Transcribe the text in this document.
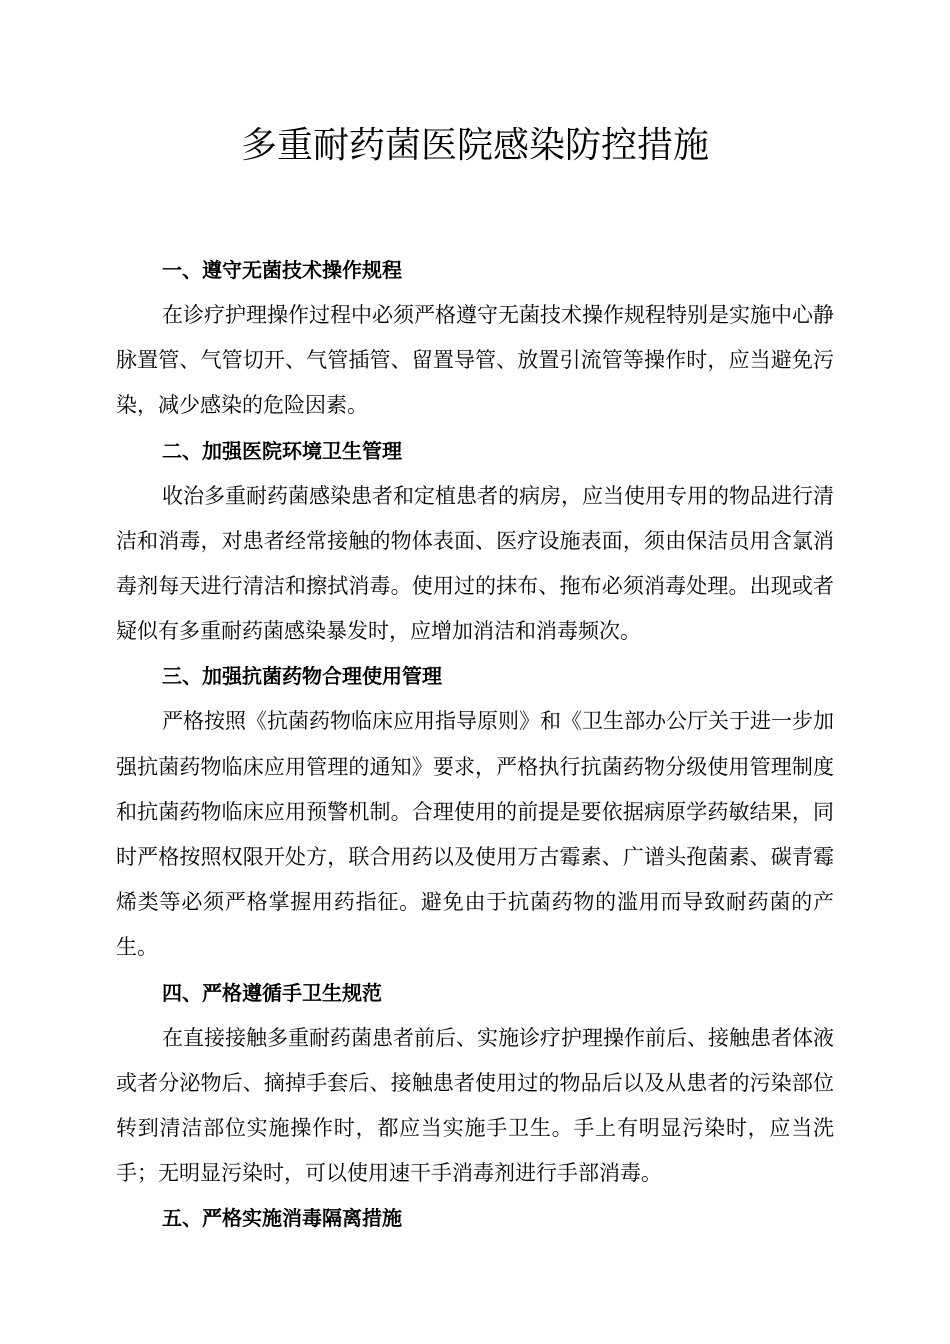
多重耐药菌医院感染防控措施
一、遵守无菌技术操作规程

在诊疗护理操作过程中必须严格遵守无菌技术操作规程特别是实施中心静脉置管、气管切开、气管插管、留置导管、放置引流管等操作时，应当避免污染，减少感染的危险因素。

二、加强医院环境卫生管理

收治多重耐药菌感染患者和定植患者的病房，应当使用专用的物品进行清洁和消毒，对患者经常接触的物体表面、医疗设施表面，须由保洁员用含氯消毒剂每天进行清洁和擦拭消毒。使用过的抹布、拖布必须消毒处理。出现或者疑似有多重耐药菌感染暴发时，应增加消洁和消毒频次。

三、加强抗菌药物合理使用管理

严格按照《抗菌药物临床应用指导原则》和《卫生部办公厅关于进一步加强抗菌药物临床应用管理的通知》要求，严格执行抗菌药物分级使用管理制度和抗菌药物临床应用预警机制。合理使用的前提是要依据病原学药敏结果，同时严格按照权限开处方，联合用药以及使用万古霉素、广谱头孢菌素、碳青霉烯类等必须严格掌握用药指征。避免由于抗菌药物的滥用而导致耐药菌的产生。

四、严格遵循手卫生规范

在直接接触多重耐药菌患者前后、实施诊疗护理操作前后、接触患者体液或者分泌物后、摘掉手套后、接触患者使用过的物品后以及从患者的污染部位转到清洁部位实施操作时，都应当实施手卫生。手上有明显污染时，应当洗手；无明显污染时，可以使用速干手消毒剂进行手部消毒。

五、严格实施消毒隔离措施
